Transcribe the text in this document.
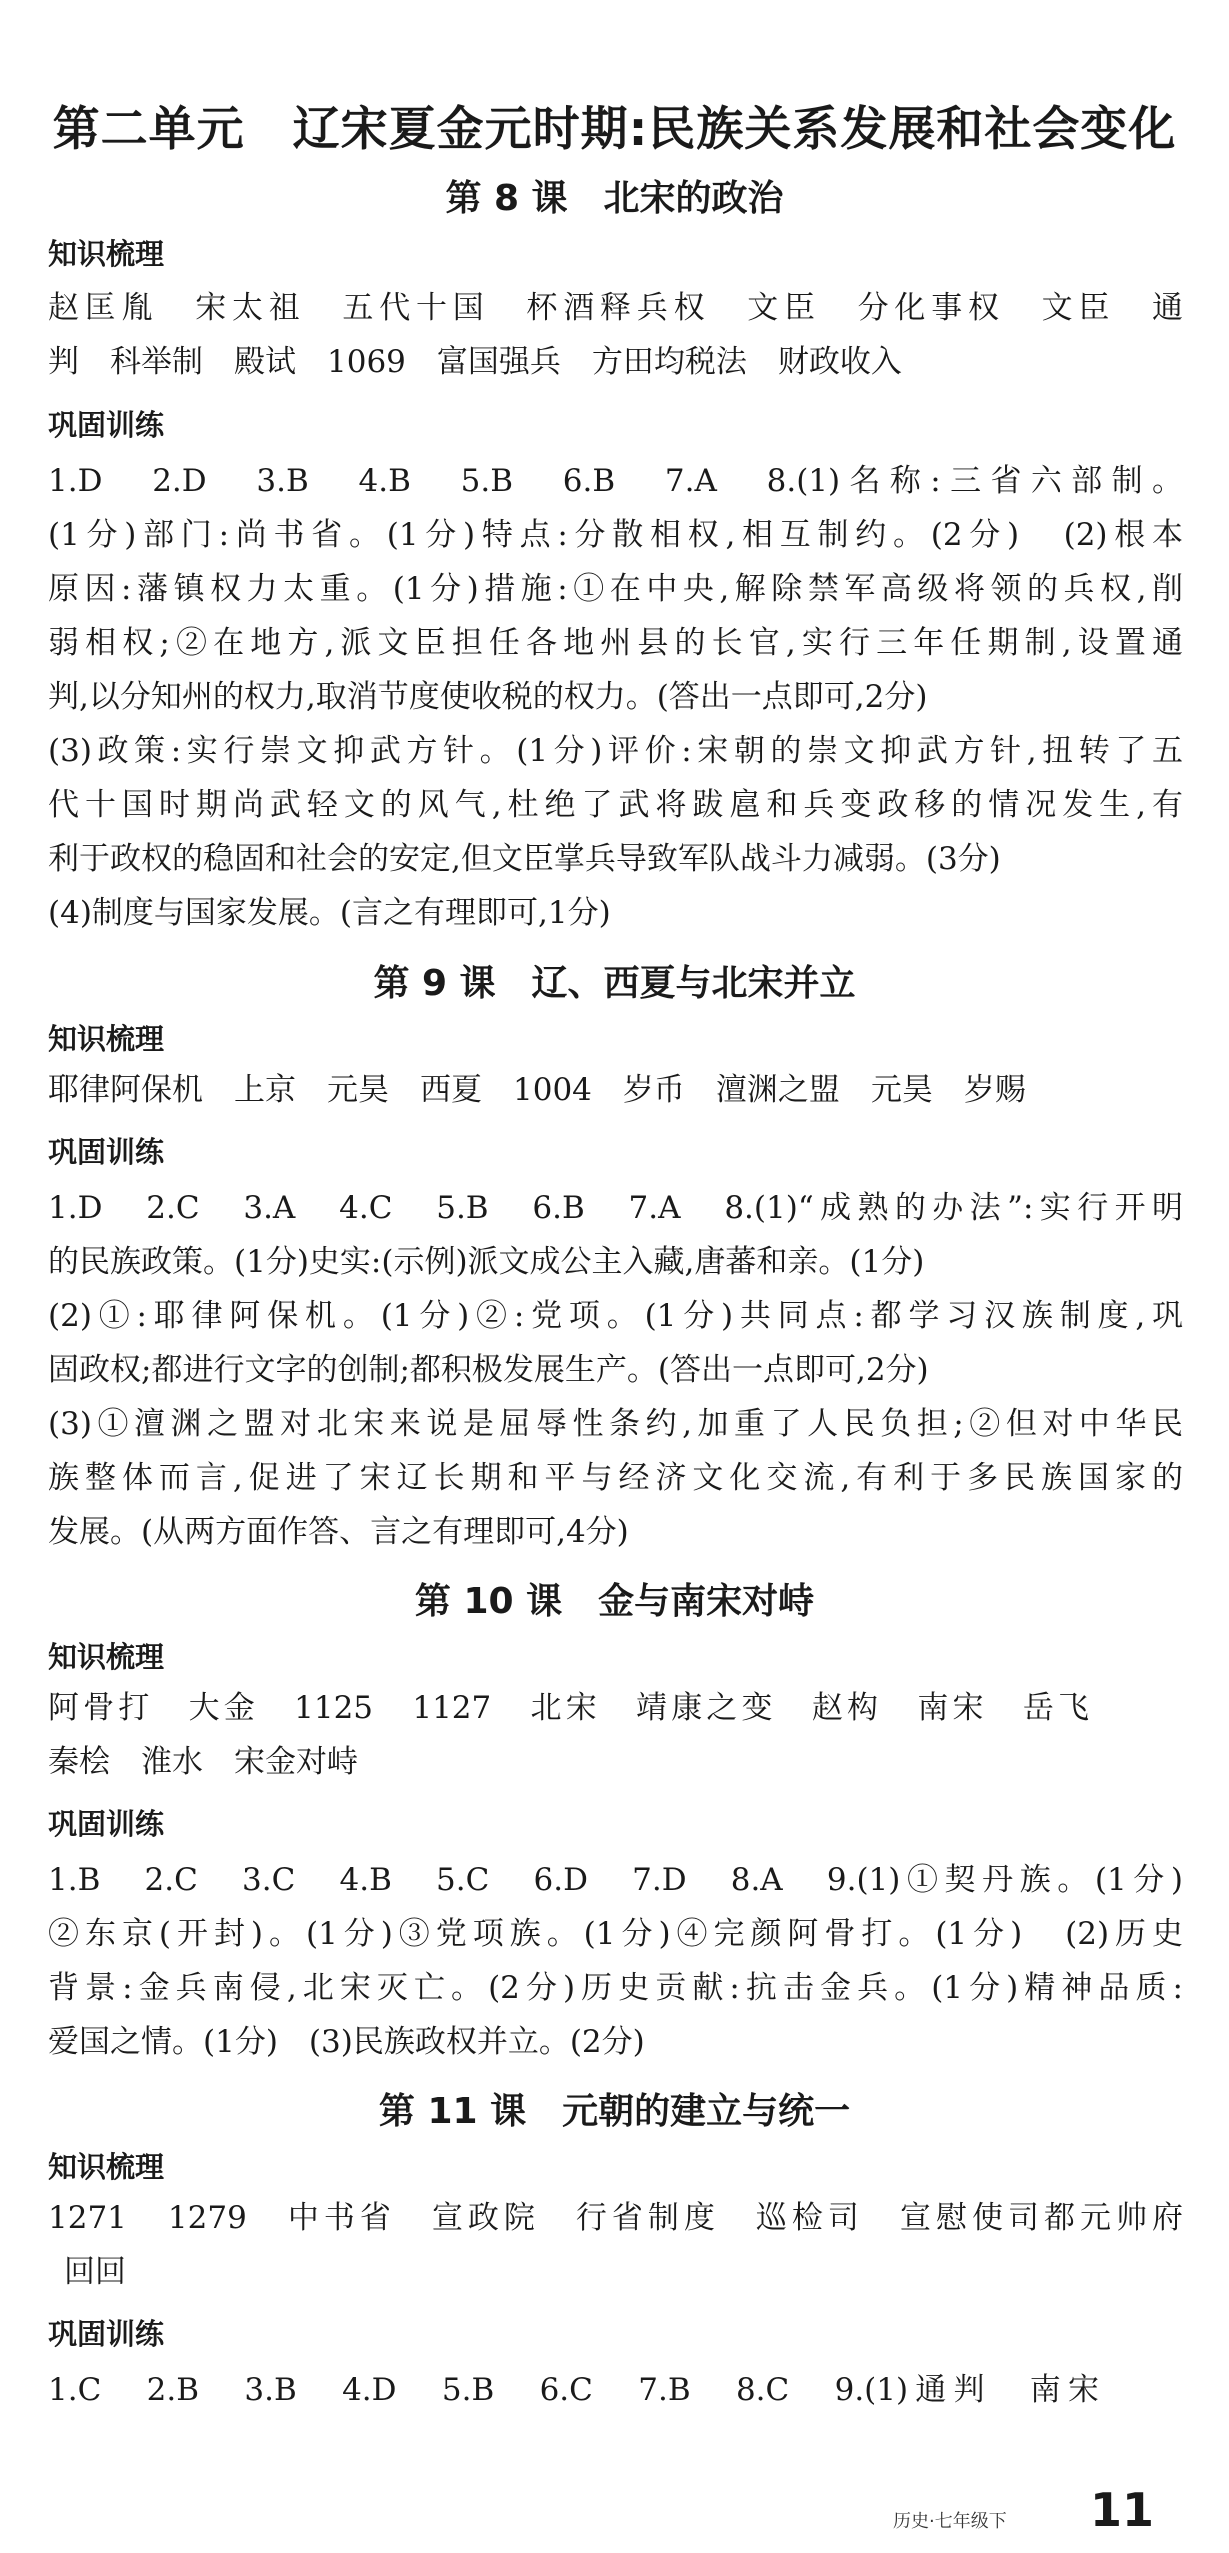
第二单元　辽宋夏金元时期:民族关系发展和社会变化
第 8 课　北宋的政治
知识梳理
赵匡胤　宋太祖　五代十国　杯酒释兵权　文臣　分化事权　文臣　通
判　科举制　殿试　1069　富国强兵　方田均税法　财政收入
巩固训练
1.D　2.D　3.B　4.B　5.B　6.B　7.A　8.(1)名称:三省六部制。
(1分)部门:尚书省。(1分)特点:分散相权,相互制约。(2分)　(2)根本
原因:藩镇权力太重。(1分)措施:①在中央,解除禁军高级将领的兵权,削
弱相权;②在地方,派文臣担任各地州县的长官,实行三年任期制,设置通
判,以分知州的权力,取消节度使收税的权力。(答出一点即可,2分)
(3)政策:实行崇文抑武方针。(1分)评价:宋朝的崇文抑武方针,扭转了五
代十国时期尚武轻文的风气,杜绝了武将跋扈和兵变政移的情况发生,有
利于政权的稳固和社会的安定,但文臣掌兵导致军队战斗力减弱。(3分)
(4)制度与国家发展。(言之有理即可,1分)
第 9 课　辽、西夏与北宋并立
知识梳理
耶律阿保机　上京　元昊　西夏　1004　岁币　澶渊之盟　元昊　岁赐
巩固训练
1.D　2.C　3.A　4.C　5.B　6.B　7.A　8.(1)“成熟的办法”:实行开明
的民族政策。(1分)史实:(示例)派文成公主入藏,唐蕃和亲。(1分)
(2)①:耶律阿保机。(1分)②:党项。(1分)共同点:都学习汉族制度,巩
固政权;都进行文字的创制;都积极发展生产。(答出一点即可,2分)
(3)①澶渊之盟对北宋来说是屈辱性条约,加重了人民负担;②但对中华民
族整体而言,促进了宋辽长期和平与经济文化交流,有利于多民族国家的
发展。(从两方面作答、言之有理即可,4分)
第 10 课　金与南宋对峙
知识梳理
阿骨打　大金　1125　1127　北宋　靖康之变　赵构　南宋　岳飞
秦桧　淮水　宋金对峙
巩固训练
1.B　2.C　3.C　4.B　5.C　6.D　7.D　8.A　9.(1)①契丹族。(1分)
②东京(开封)。(1分)③党项族。(1分)④完颜阿骨打。(1分)　(2)历史
背景:金兵南侵,北宋灭亡。(2分)历史贡献:抗击金兵。(1分)精神品质:
爱国之情。(1分)　(3)民族政权并立。(2分)
第 11 课　元朝的建立与统一
知识梳理
1271　1279　中书省　宣政院　行省制度　巡检司　宣慰使司都元帅府
回回
巩固训练
1.C　2.B　3.B　4.D　5.B　6.C　7.B　8.C　9.(1)通判　南宋
历史·七年级下 11
